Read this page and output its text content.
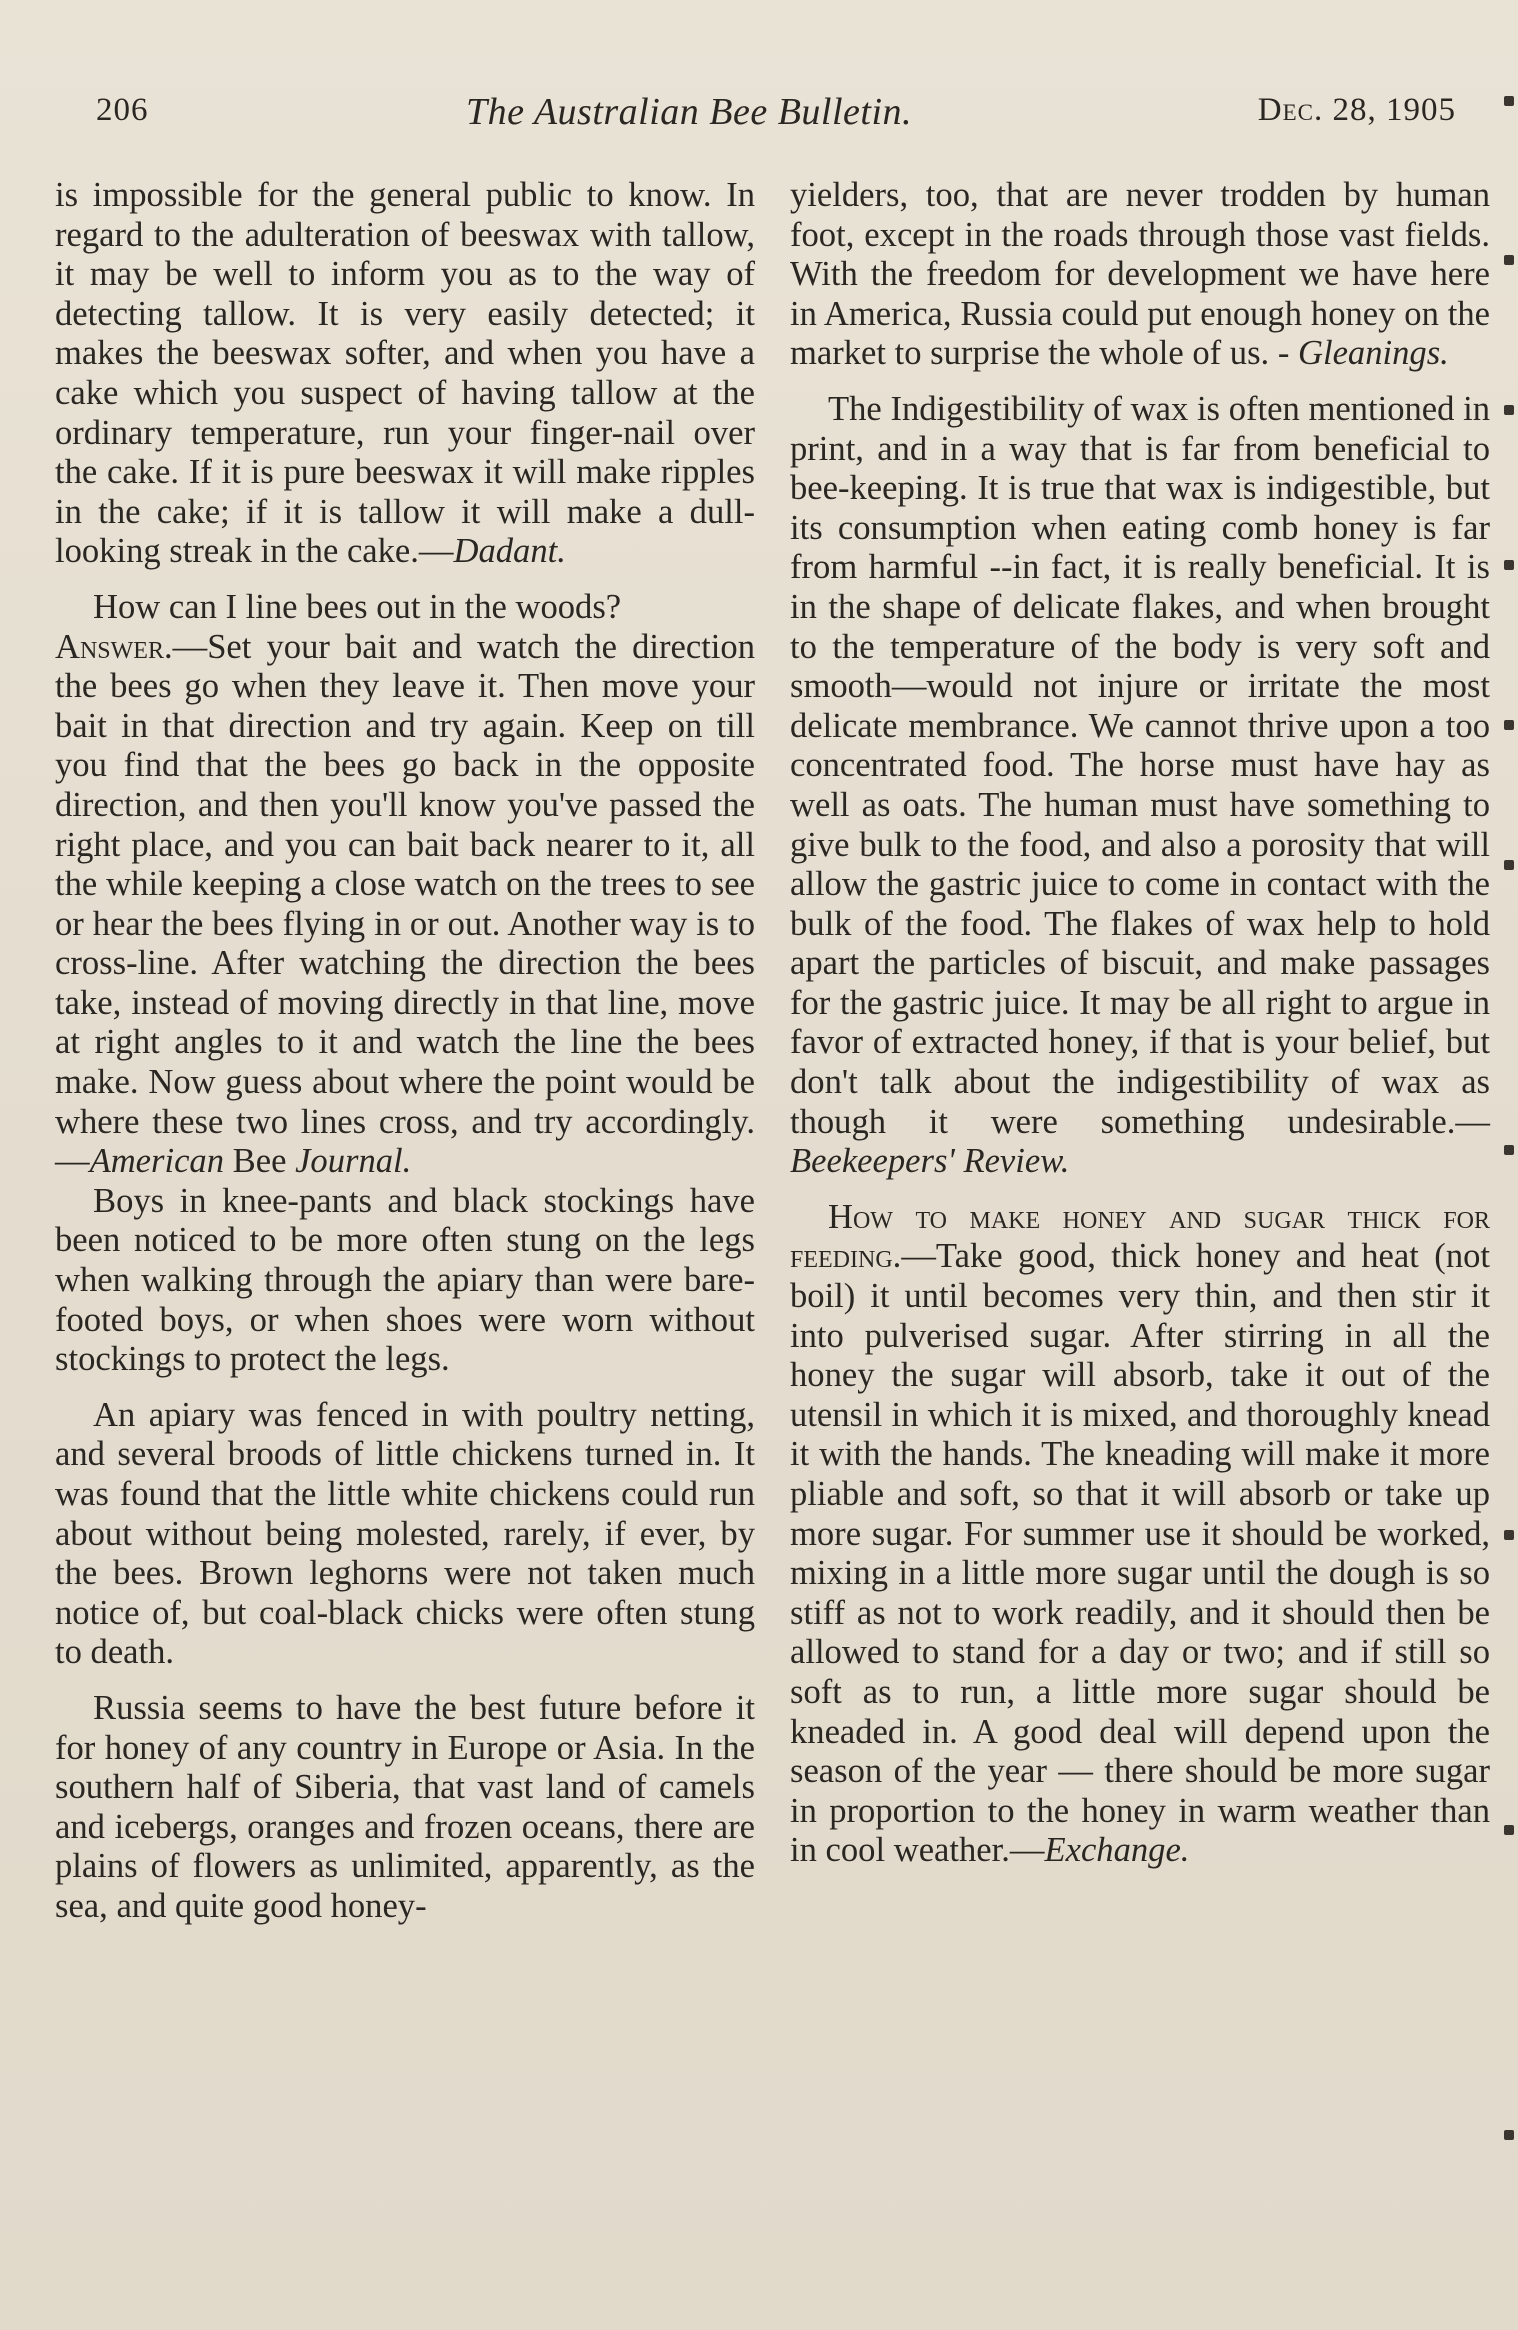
206	The Australian Bee Bulletin.	Dec. 28, 1905

is impossible for the general public to know. In regard to the adulteration of beeswax with tallow, it may be well to inform you as to the way of detecting tallow. It is very easily detected; it makes the beeswax softer, and when you have a cake which you suspect of having tallow at the ordinary temperature, run your finger-nail over the cake. If it is pure beeswax it will make ripples in the cake; if it is tallow it will make a dull-looking streak in the cake.—Dadant.

How can I line bees out in the woods?

Answer.—Set your bait and watch the direction the bees go when they leave it. Then move your bait in that direction and try again. Keep on till you find that the bees go back in the opposite direction, and then you'll know you've passed the right place, and you can bait back nearer to it, all the while keeping a close watch on the trees to see or hear the bees flying in or out. Another way is to cross-line. After watching the direction the bees take, instead of moving directly in that line, move at right angles to it and watch the line the bees make. Now guess about where the point would be where these two lines cross, and try accordingly.—American Bee Journal.

Boys in knee-pants and black stockings have been noticed to be more often stung on the legs when walking through the apiary than were bare-footed boys, or when shoes were worn without stockings to protect the legs.

An apiary was fenced in with poultry netting, and several broods of little chickens turned in. It was found that the little white chickens could run about without being molested, rarely, if ever, by the bees. Brown leghorns were not taken much notice of, but coal-black chicks were often stung to death.

Russia seems to have the best future before it for honey of any country in Europe or Asia. In the southern half of Siberia, that vast land of camels and icebergs, oranges and frozen oceans, there are plains of flowers as unlimited, apparently, as the sea, and quite good honey-

yielders, too, that are never trodden by human foot, except in the roads through those vast fields. With the freedom for development we have here in America, Russia could put enough honey on the market to surprise the whole of us. - Gleanings.

The Indigestibility of wax is often mentioned in print, and in a way that is far from beneficial to bee-keeping. It is true that wax is indigestible, but its consumption when eating comb honey is far from harmful --in fact, it is really beneficial. It is in the shape of delicate flakes, and when brought to the temperature of the body is very soft and smooth—would not injure or irritate the most delicate membrance. We cannot thrive upon a too concentrated food. The horse must have hay as well as oats. The human must have something to give bulk to the food, and also a porosity that will allow the gastric juice to come in contact with the bulk of the food. The flakes of wax help to hold apart the particles of biscuit, and make passages for the gastric juice. It may be all right to argue in favor of extracted honey, if that is your belief, but don't talk about the indigestibility of wax as though it were something undesirable.—Beekeepers' Review.

How to make honey and sugar thick for feeding.—Take good, thick honey and heat (not boil) it until becomes very thin, and then stir it into pulverised sugar. After stirring in all the honey the sugar will absorb, take it out of the utensil in which it is mixed, and thoroughly knead it with the hands. The kneading will make it more pliable and soft, so that it will absorb or take up more sugar. For summer use it should be worked, mixing in a little more sugar until the dough is so stiff as not to work readily, and it should then be allowed to stand for a day or two; and if still so soft as to run, a little more sugar should be kneaded in. A good deal will depend upon the season of the year — there should be more sugar in proportion to the honey in warm weather than in cool weather.—Exchange.
